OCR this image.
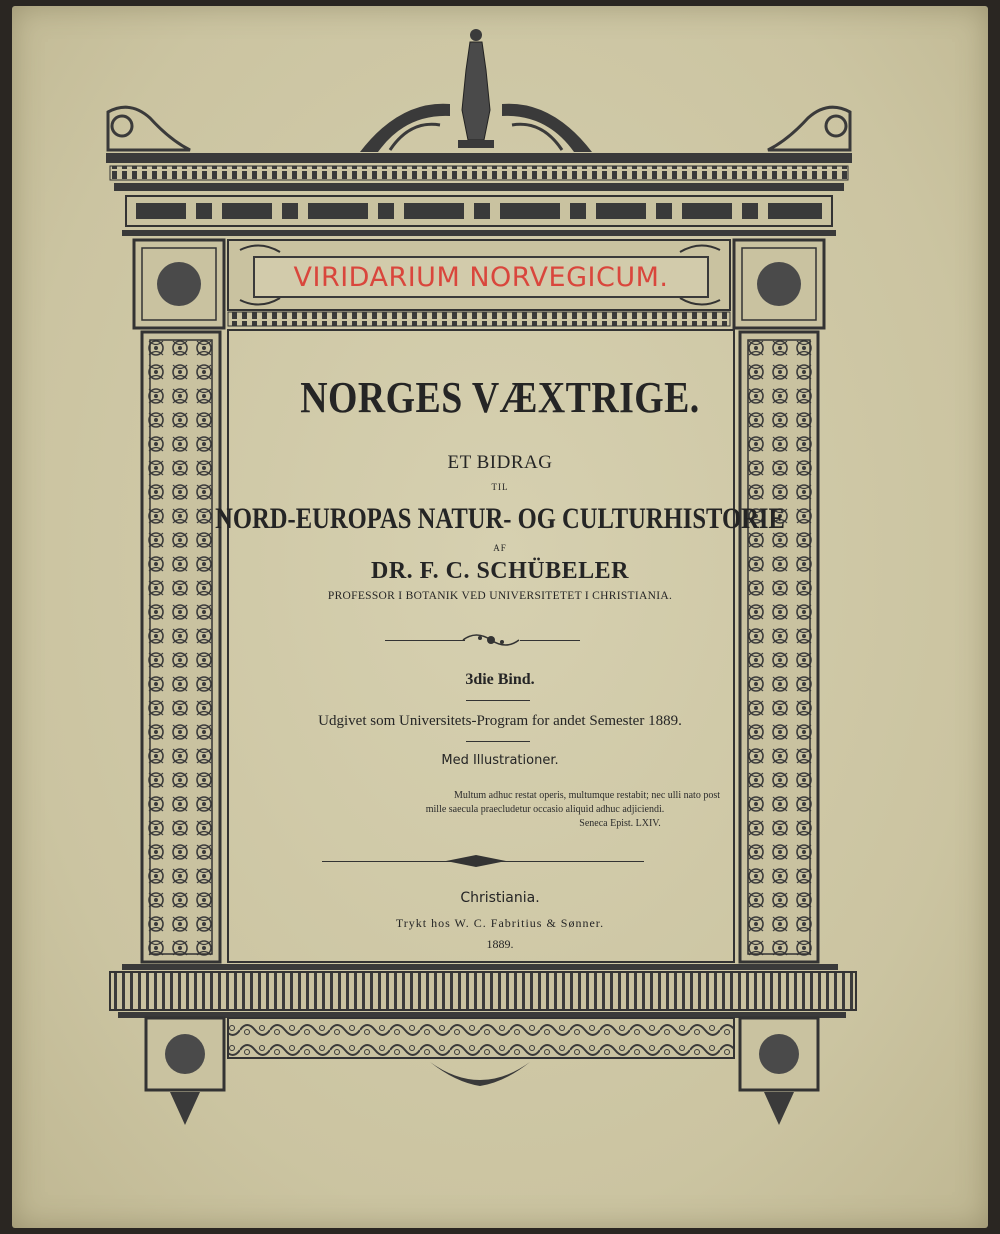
VIRIDARIUM NORVEGICUM.
NORGES VÆXTRIGE.
ET BIDRAG
TIL
NORD-EUROPAS NATUR- OG CULTURHISTORIE
AF
DR. F. C. SCHÜBELER
PROFESSOR I BOTANIK VED UNIVERSITETET I CHRISTIANIA.
3die Bind.
Udgivet som Universitets-Program for andet Semester 1889.
Med Illustrationer.
Multum adhuc restat operis, multumque restabit; nec ulli nato post
mille saecula praecludetur occasio aliquid adhuc adjiciendi.
Seneca Epist. LXIV.
Christiania.
Trykt hos W. C. Fabritius & Sønner.
1889.
